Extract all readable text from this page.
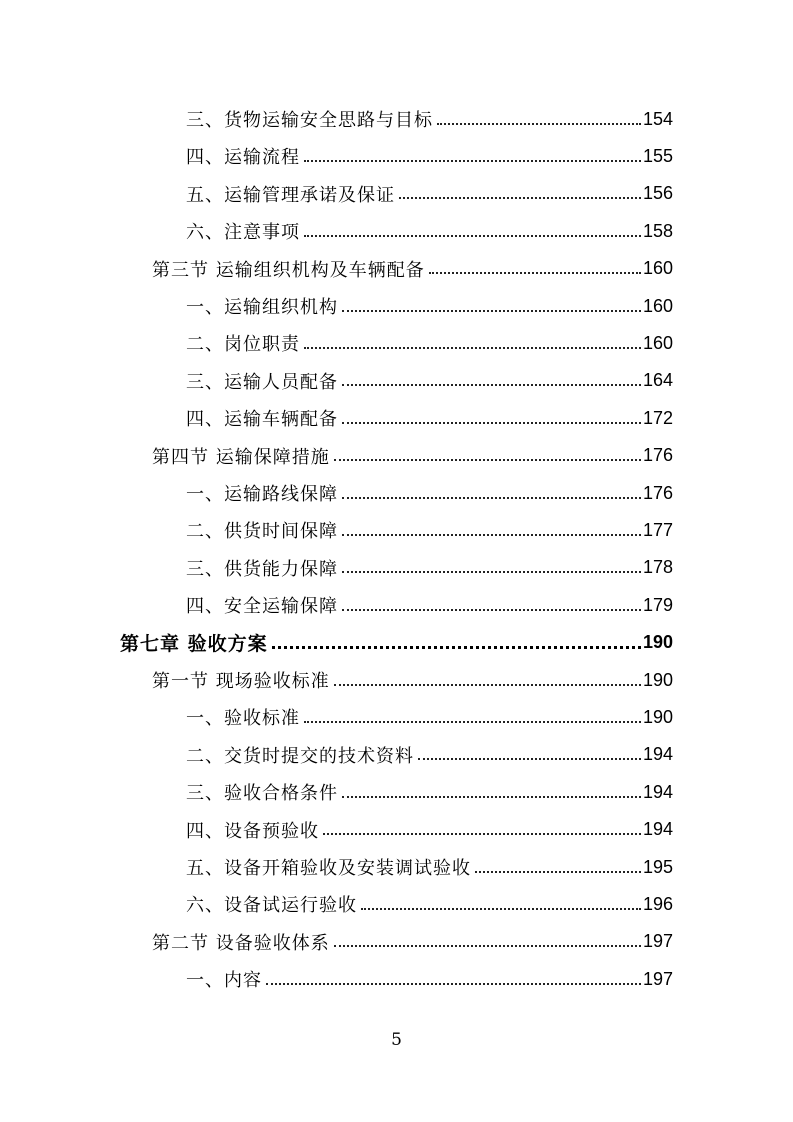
三、货物运输安全思路与目标	154
四、运输流程	155
五、运输管理承诺及保证	156
六、注意事项	158
第三节 运输组织机构及车辆配备	160
一、运输组织机构	160
二、岗位职责	160
三、运输人员配备	164
四、运输车辆配备	172
第四节 运输保障措施	176
一、运输路线保障	176
二、供货时间保障	177
三、供货能力保障	178
四、安全运输保障	179
第七章 验收方案	190
第一节 现场验收标准	190
一、验收标准	190
二、交货时提交的技术资料	194
三、验收合格条件	194
四、设备预验收	194
五、设备开箱验收及安装调试验收	195
六、设备试运行验收	196
第二节 设备验收体系	197
一、内容	197
5
